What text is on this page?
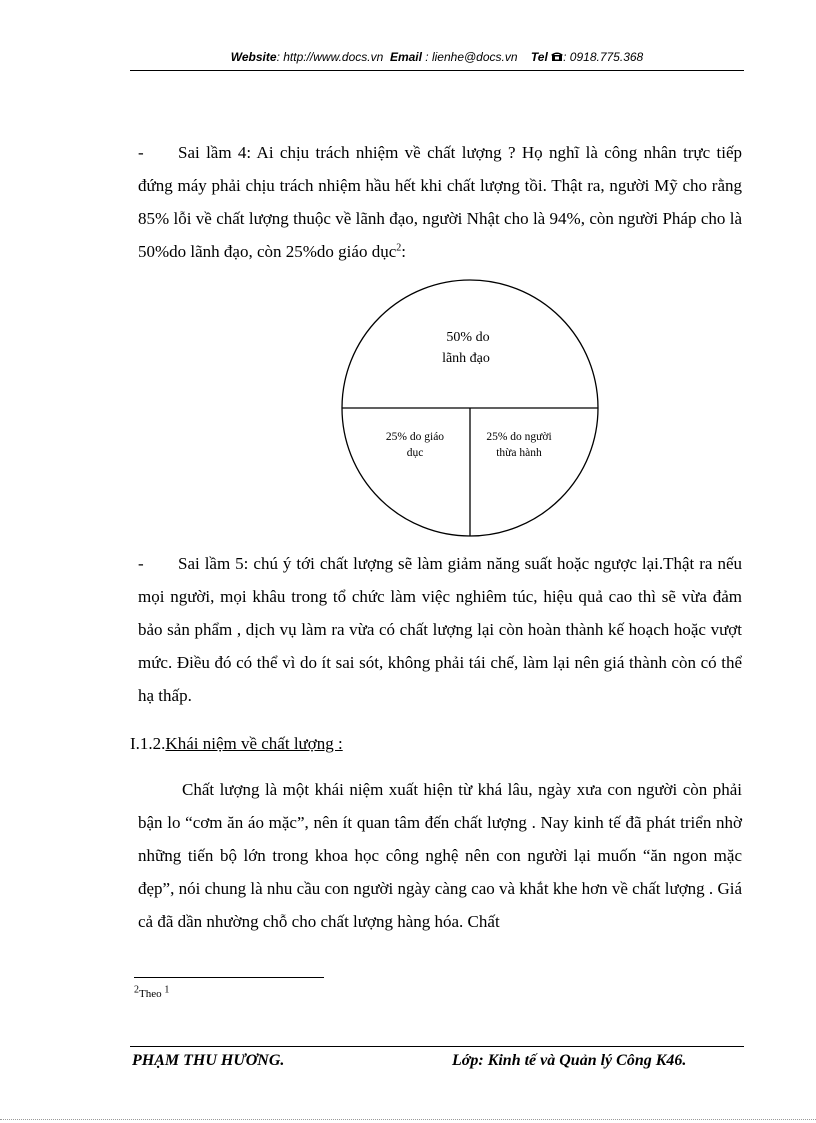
Website: http://www.docs.vn Email : lienhe@docs.vn Tel : 0918.775.368
- Sai lầm 4: Ai chịu trách nhiệm về chất lượng ? Họ nghĩ là công nhân trực tiếp đứng máy phải chịu trách nhiệm hầu hết khi chất lượng tồi. Thật ra, người Mỹ cho rằng 85% lỗi về chất lượng thuộc về lãnh đạo, người Nhật cho là 94%, còn người Pháp cho là 50%do lãnh đạo, còn 25%do giáo dục$^2$:
50% do
lãnh đạo
25% do giáo
dục
25% do người
thừa hành
- Sai lầm 5: chú ý tới chất lượng sẽ làm giảm năng suất hoặc ngược lại.Thật ra nếu mọi người, mọi khâu trong tổ chức làm việc nghiêm túc, hiệu quả cao thì sẽ vừa đảm bảo sản phẩm , dịch vụ làm ra vừa có chất lượng lại còn hoàn thành kế hoạch hoặc vượt mức. Điều đó có thể vì do ít sai sót, không phải tái chế, làm lại nên giá thành còn có thể hạ thấp.
I.1.2.Khái niệm về chất lượng :
Chất lượng là một khái niệm xuất hiện từ khá lâu, ngày xưa con người còn phải bận lo “cơm ăn áo mặc”, nên ít quan tâm đến chất lượng . Nay kinh tế đã phát triển nhờ những tiến bộ lớn trong khoa học công nghệ nên con người lại muốn “ăn ngon mặc đẹp”, nói chung là nhu cầu con người ngày càng cao và khắt khe hơn về chất lượng . Giá cả đã dần nhường chỗ cho chất lượng hàng hóa. Chất
$^2$Theo $^1$
PHẠM THU HƯƠNG.	Lớp: Kinh tế và Quản lý Công K46.
